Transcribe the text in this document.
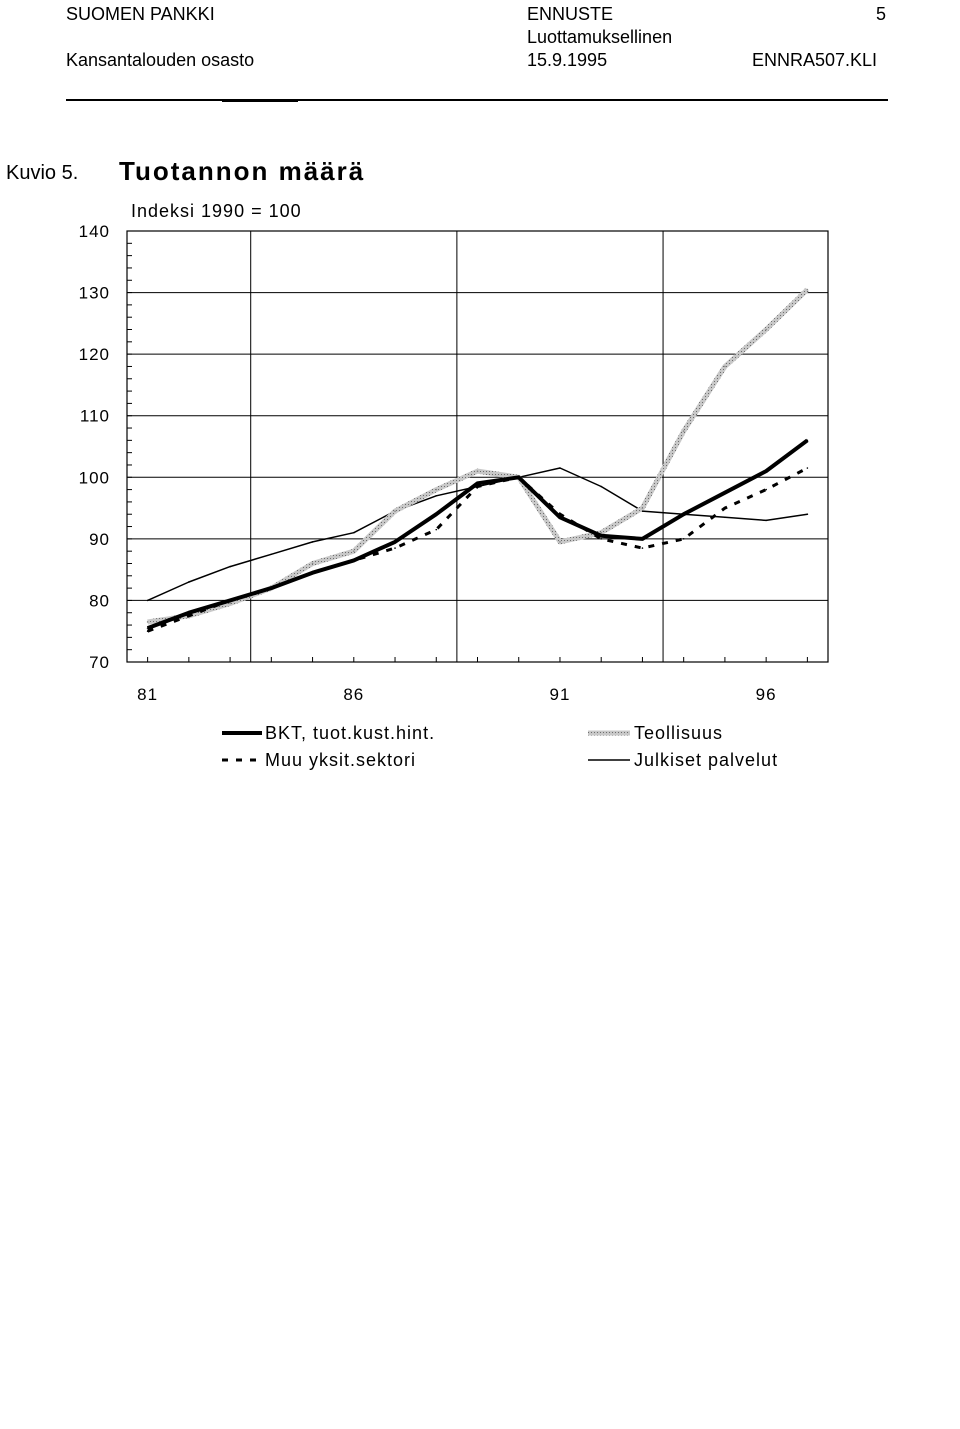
SUOMEN PANKKI
Kansantalouden osasto
ENNUSTE
Luottamuksellinen
15.9.1995
5
ENNRA507.KLI
Kuvio 5. Tuotannon määrä
Indeksi 1990 = 100
70
80
90
100
110
120
130
140
81	86	91	96
BKT, tuot.kust.hint.	Teollisuus
Muu yksit.sektori	Julkiset palvelut
